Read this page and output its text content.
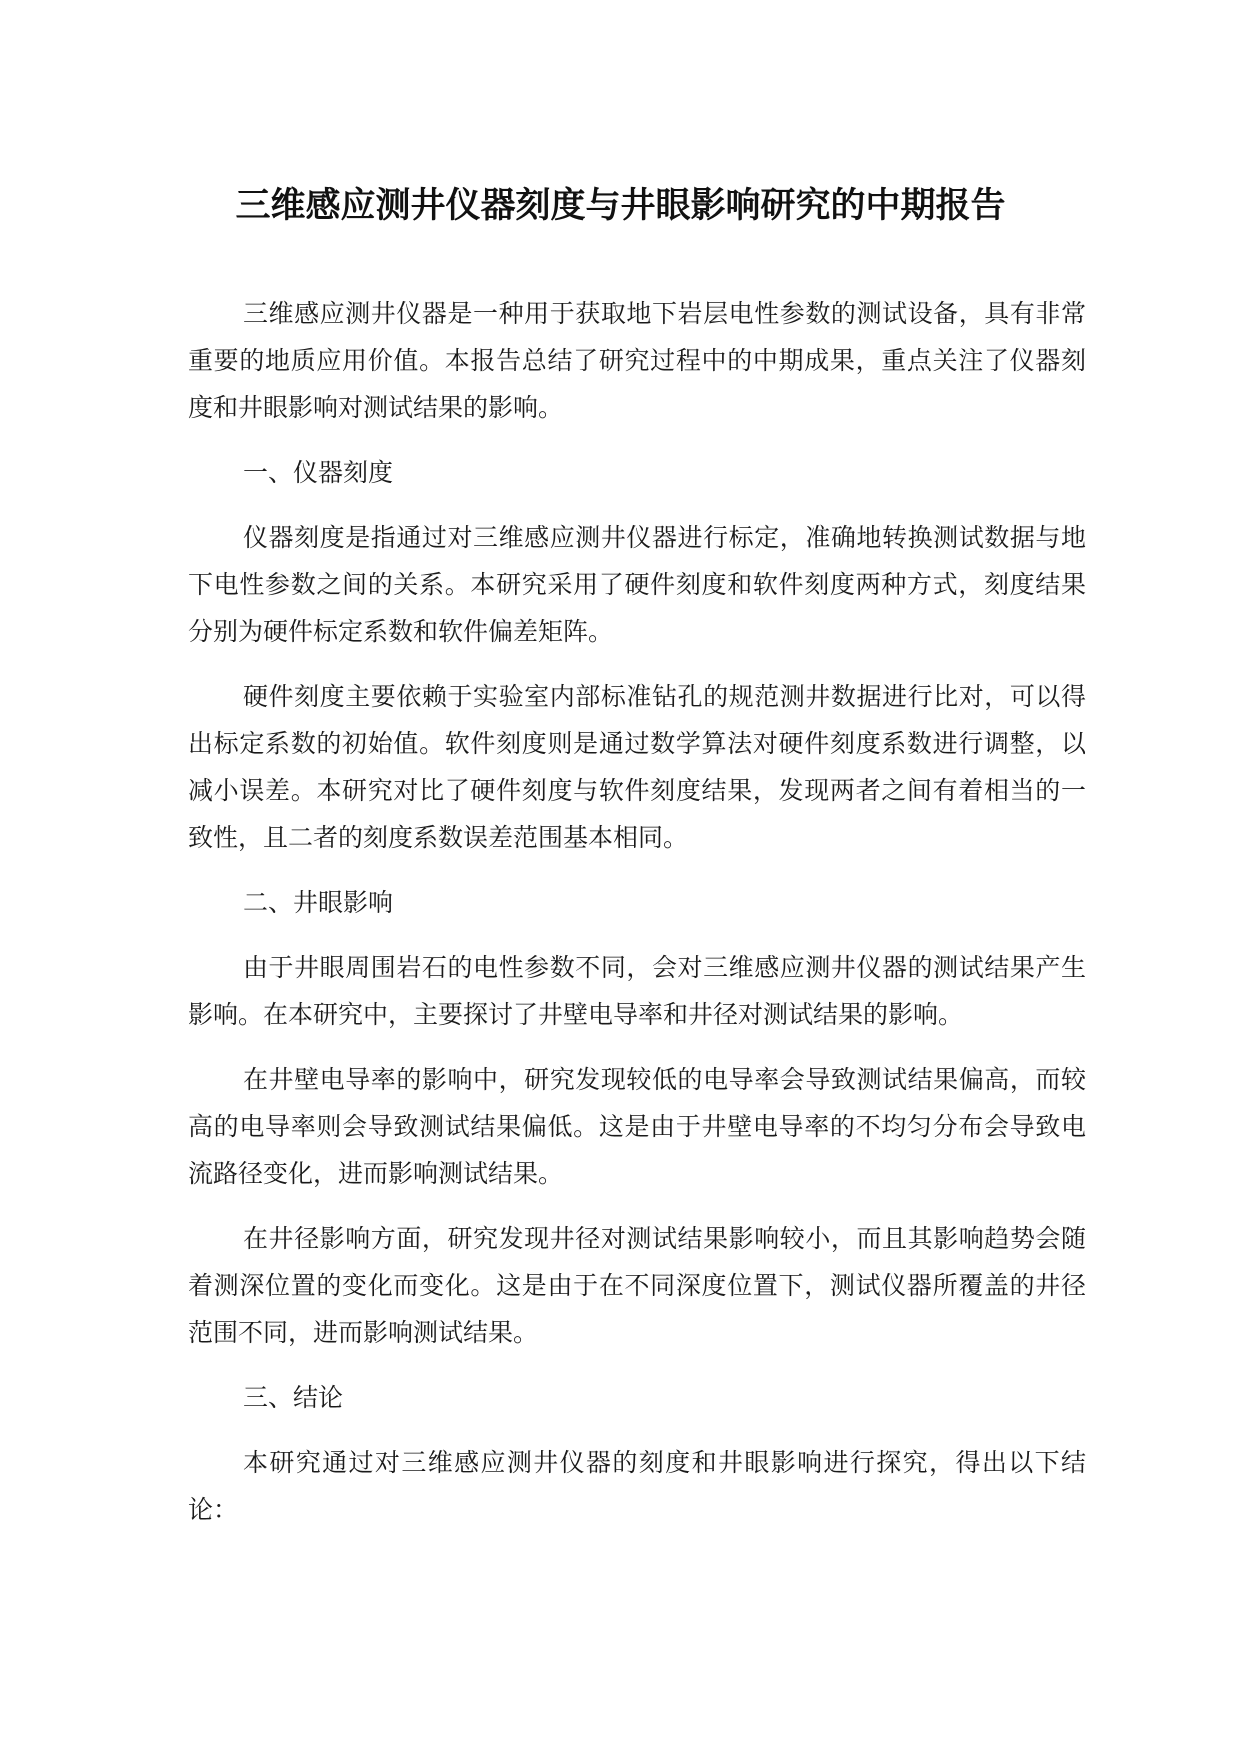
三维感应测井仪器刻度与井眼影响研究的中期报告

三维感应测井仪器是一种用于获取地下岩层电性参数的测试设备，具有非常重要的地质应用价值。本报告总结了研究过程中的中期成果，重点关注了仪器刻度和井眼影响对测试结果的影响。

一、仪器刻度

仪器刻度是指通过对三维感应测井仪器进行标定，准确地转换测试数据与地下电性参数之间的关系。本研究采用了硬件刻度和软件刻度两种方式，刻度结果分别为硬件标定系数和软件偏差矩阵。

硬件刻度主要依赖于实验室内部标准钻孔的规范测井数据进行比对，可以得出标定系数的初始值。软件刻度则是通过数学算法对硬件刻度系数进行调整，以减小误差。本研究对比了硬件刻度与软件刻度结果，发现两者之间有着相当的一致性，且二者的刻度系数误差范围基本相同。

二、井眼影响

由于井眼周围岩石的电性参数不同，会对三维感应测井仪器的测试结果产生影响。在本研究中，主要探讨了井壁电导率和井径对测试结果的影响。

在井壁电导率的影响中，研究发现较低的电导率会导致测试结果偏高，而较高的电导率则会导致测试结果偏低。这是由于井壁电导率的不均匀分布会导致电流路径变化，进而影响测试结果。

在井径影响方面，研究发现井径对测试结果影响较小，而且其影响趋势会随着测深位置的变化而变化。这是由于在不同深度位置下，测试仪器所覆盖的井径范围不同，进而影响测试结果。

三、结论

本研究通过对三维感应测井仪器的刻度和井眼影响进行探究，得出以下结论：
